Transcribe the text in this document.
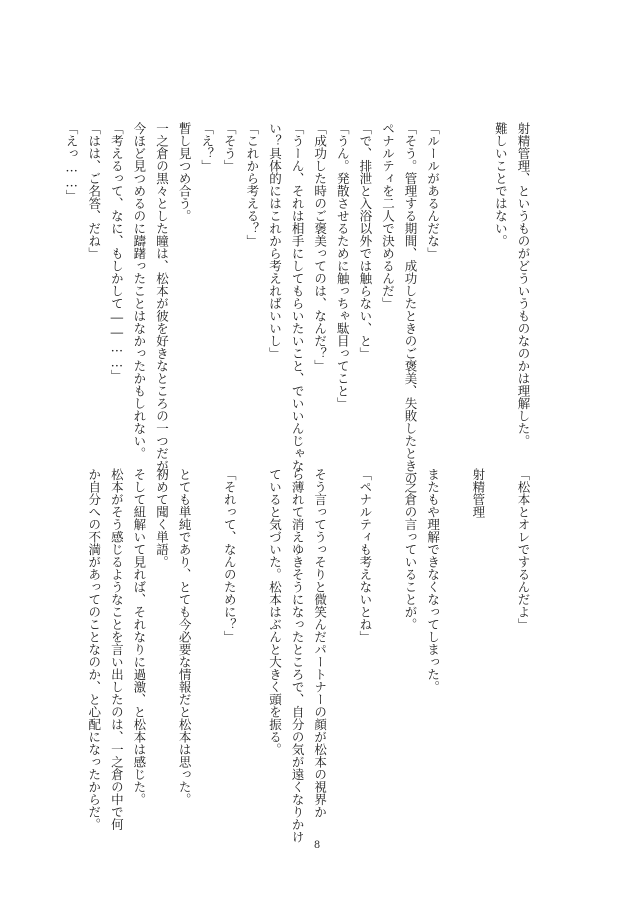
射精管理、というものがどういうものなのかは理解した。
難しいことではない。
「ルールがあるんだな」
「そう。管理する期間、成功したときのご褒美、失敗したときの
ペナルティを二人で決めるんだ」
「で、排泄と入浴以外では触らない、と」
「うん。発散させるために触っちゃ駄目ってこと」
「成功した時のご褒美ってのは、なんだ？」
「うーん、それは相手にしてもらいたいこと、でいいんじゃな
い？具体的にはこれから考えればいいし」
「これから考える？」
「そう」
「え？」
暫し見つめ合う。
一之倉の黒々とした瞳は、松本が彼を好きなところの一つだが、
今ほど見つめるのに躊躇ったことはなかったかもしれない。
「考えるって、なに、もしかして――……」
「はは、ご名答、だね」
「えっ……」
「松本とオレでするんだよ」
射精管理
またもや理解できなくなってしまった。
一之倉の言っていることが。
「ペナルティも考えないとね」
そう言ってうっそりと微笑んだパートナーの顔が松本の視界か
ら薄れて消えゆきそうになったところで、自分の気が遠くなりかけ
ていると気づいた。松本はぶんと大きく頭を振る。
「それって、なんのために？」
とても単純であり、とても今必要な情報だと松本は思った。
初めて聞く単語。
そして紐解いて見れば、それなりに過激、と松本は感じた。
松本がそう感じるようなことを言い出したのは、一之倉の中で何
か自分への不満があってのことなのか、と心配になったからだ。
8
